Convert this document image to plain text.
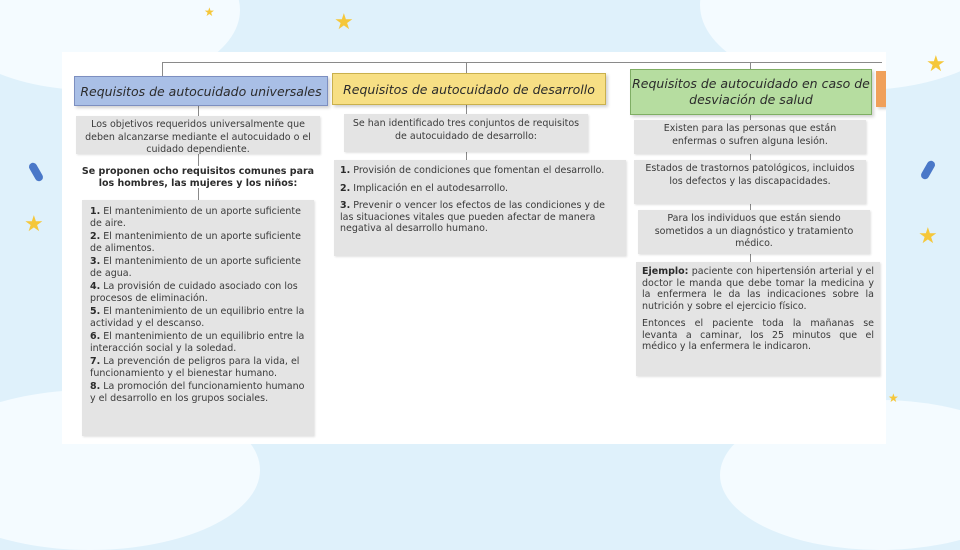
★
★
★
★	★
★
Requisitos de autocuidado universales
Los objetivos requeridos universalmente que deben alcanzarse mediante el autocuidado o el cuidado dependiente.
Se proponen ocho requisitos comunes para los hombres, las mujeres y los niños:
1. El mantenimiento de un aporte suficiente de aire.
2. El mantenimiento de un aporte suficiente de alimentos.
3. El mantenimiento de un aporte suficiente de agua.
4. La provisión de cuidado asociado con los procesos de eliminación.
5. El mantenimiento de un equilibrio entre la actividad y el descanso.
6. El mantenimiento de un equilibrio entre la interacción social y la soledad.
7. La prevención de peligros para la vida, el funcionamiento y el bienestar humano.
8. La promoción del funcionamiento humano y el desarrollo en los grupos sociales.
Requisitos de autocuidado de desarrollo
Se han identificado tres conjuntos de requisitos de autocuidado de desarrollo:
1. Provisión de condiciones que fomentan el desarrollo.
2. Implicación en el autodesarrollo.
3. Prevenir o vencer los efectos de las condiciones y de las situaciones vitales que pueden afectar de manera negativa al desarrollo humano.
Requisitos de autocuidado en caso de desviación de salud
Existen para las personas que están enfermas o sufren alguna lesión.
Estados de trastornos patológicos, incluidos los defectos y las discapacidades.
Para los individuos que están siendo sometidos a un diagnóstico y tratamiento médico.

Ejemplo: paciente con hipertensión arterial y el doctor le manda que debe tomar la medicina y la enfermera le da las indicaciones sobre la nutrición y sobre el ejercicio físico.

Entonces el paciente toda la mañanas se levanta a caminar, los 25 minutos que el médico y la enfermera le indicaron.
